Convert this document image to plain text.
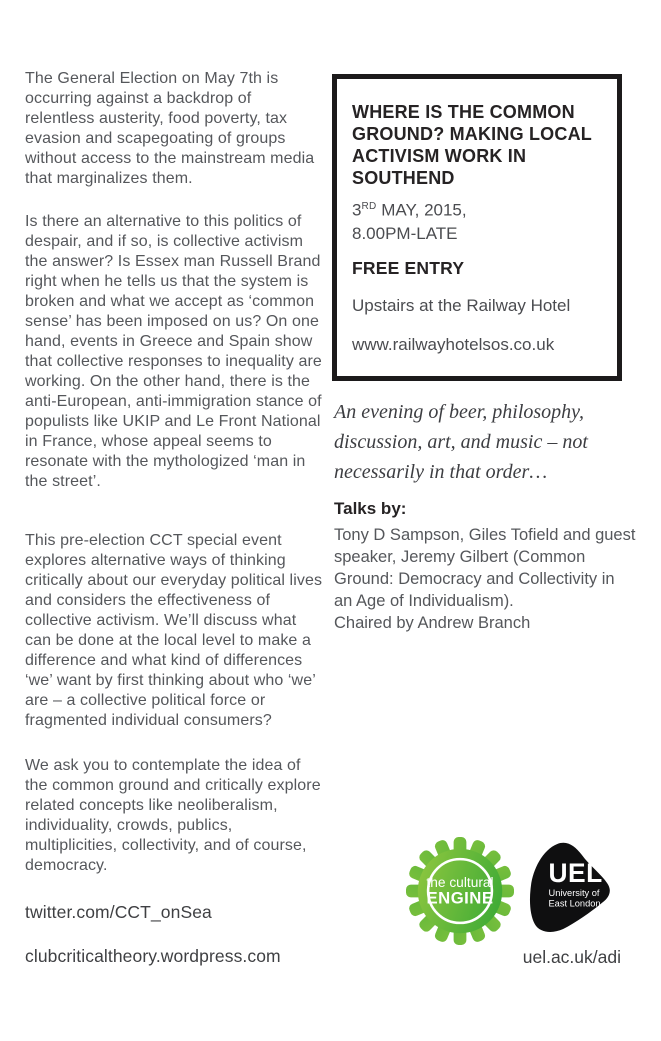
The General Election on May 7th is occurring against a backdrop of relentless austerity, food poverty, tax evasion and scapegoating of groups without access to the mainstream media that marginalizes them.
Is there an alternative to this politics of despair, and if so, is collective activism the answer? Is Essex man Russell Brand right when he tells us that the system is broken and what we accept as ‘common sense’ has been imposed on us? On one hand, events in Greece and Spain show that collective responses to inequality are working. On the other hand, there is the anti-European, anti-immigration stance of populists like UKIP and Le Front National in France, whose appeal seems to resonate with the mythologized ‘man in the street’.
This pre-election CCT special event explores alternative ways of thinking critically about our everyday political lives and considers the effectiveness of collective activism. We’ll discuss what can be done at the local level to make a difference and what kind of differences ‘we’ want by first thinking about who ‘we’ are – a collective political force or fragmented individual consumers?
We ask you to contemplate the idea of the common ground and critically explore related concepts like neoliberalism, individuality, crowds, publics, multiplicities, collectivity, and of course, democracy.
twitter.com/CCT_onSea
clubcriticaltheory.wordpress.com
WHERE IS THE COMMON GROUND? MAKING LOCAL ACTIVISM WORK IN SOUTHEND
3RD MAY, 2015,
8.00PM-LATE
FREE ENTRY
Upstairs at the Railway Hotel
www.railwayhotelsos.co.uk
An evening of beer, philosophy, discussion, art, and music – not necessarily in that order…
Talks by:
Tony D Sampson, Giles Tofield and guest speaker, Jeremy Gilbert (Common Ground: Democracy and Collectivity in an Age of Individualism).
Chaired by Andrew Branch
the cultural
ENGINE
UEL
University of
East London
uel.ac.uk/adi
